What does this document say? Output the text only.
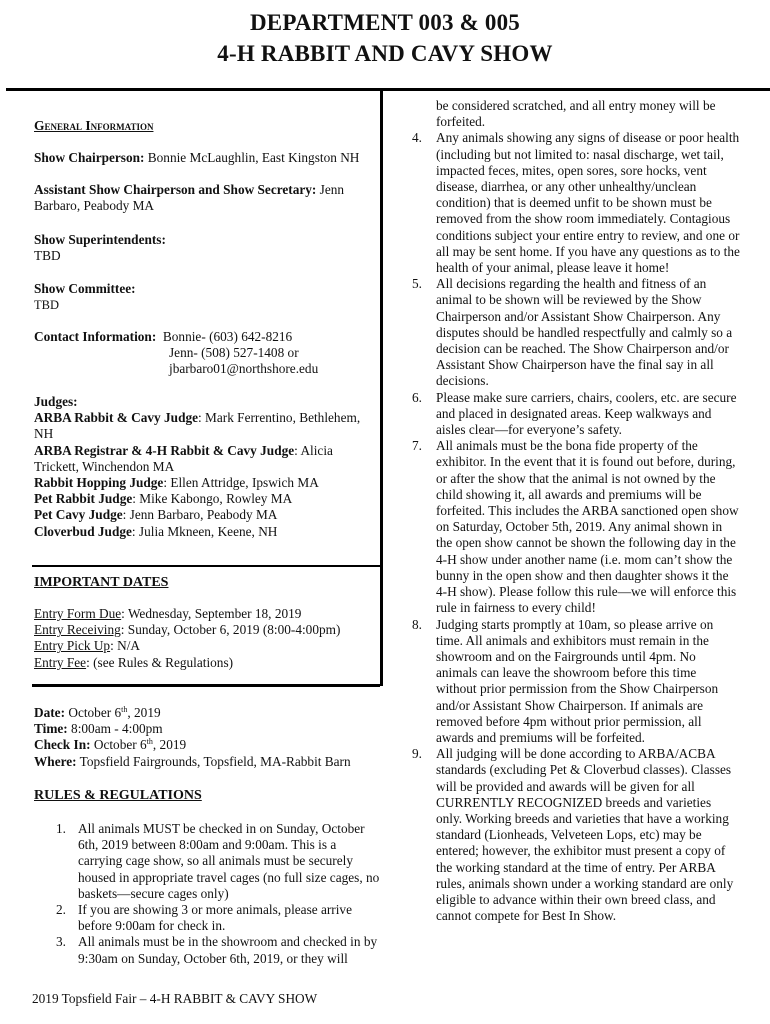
DEPARTMENT 003 & 005
4-H RABBIT AND CAVY SHOW
General Information
Show Chairperson: Bonnie McLaughlin, East Kingston NH
Assistant Show Chairperson and Show Secretary: Jenn Barbaro, Peabody MA

Show Superintendents:

TBD

Show Committee:

TBD

Contact Information: Bonnie- (603) 642-8216

Jenn- (508) 527-1408 or

jbarbaro01@northshore.edu

Judges:

ARBA Rabbit & Cavy Judge: Mark Ferrentino, Bethlehem, NH

ARBA Registrar & 4-H Rabbit & Cavy Judge: Alicia Trickett, Winchendon MA

Rabbit Hopping Judge: Ellen Attridge, Ipswich MA

Pet Rabbit Judge: Mike Kabongo, Rowley MA

Pet Cavy Judge: Jenn Barbaro, Peabody MA

Cloverbud Judge: Julia Mkneen, Keene, NH

IMPORTANT DATES

Entry Form Due: Wednesday, September 18, 2019

Entry Receiving: Sunday, October 6, 2019 (8:00-4:00pm)

Entry Pick Up: N/A

Entry Fee: (see Rules & Regulations)

Date: October 6th, 2019

Time: 8:00am - 4:00pm

Check In: October 6th, 2019

Where: Topsfield Fairgrounds, Topsfield, MA-Rabbit Barn

RULES & REGULATIONS
1. All animals MUST be checked in on Sunday, October 6th, 2019 between 8:00am and 9:00am. This is a carrying cage show, so all animals must be securely housed in appropriate travel cages (no full size cages, no baskets—secure cages only)
2. If you are showing 3 or more animals, please arrive before 9:00am for check in.
3. All animals must be in the showroom and checked in by 9:30am on Sunday, October 6th, 2019, or they will
be considered scratched, and all entry money will be forfeited.
4. Any animals showing any signs of disease or poor health (including but not limited to: nasal discharge, wet tail, impacted feces, mites, open sores, sore hocks, vent disease, diarrhea, or any other unhealthy/unclean condition) that is deemed unfit to be shown must be removed from the show room immediately. Contagious conditions subject your entire entry to review, and one or all may be sent home. If you have any questions as to the health of your animal, please leave it home!
5. All decisions regarding the health and fitness of an animal to be shown will be reviewed by the Show Chairperson and/or Assistant Show Chairperson. Any disputes should be handled respectfully and calmly so a decision can be reached. The Show Chairperson and/or Assistant Show Chairperson have the final say in all decisions.
6. Please make sure carriers, chairs, coolers, etc. are secure and placed in designated areas. Keep walkways and aisles clear—for everyone’s safety.
7. All animals must be the bona fide property of the exhibitor. In the event that it is found out before, during, or after the show that the animal is not owned by the child showing it, all awards and premiums will be forfeited. This includes the ARBA sanctioned open show on Saturday, October 5th, 2019. Any animal shown in the open show cannot be shown the following day in the 4-H show under another name (i.e. mom can’t show the bunny in the open show and then daughter shows it the 4-H show). Please follow this rule—we will enforce this rule in fairness to every child!
8. Judging starts promptly at 10am, so please arrive on time. All animals and exhibitors must remain in the showroom and on the Fairgrounds until 4pm. No animals can leave the showroom before this time without prior permission from the Show Chairperson and/or Assistant Show Chairperson. If animals are removed before 4pm without prior permission, all awards and premiums will be forfeited.
9. All judging will be done according to ARBA/ACBA standards (excluding Pet & Cloverbud classes). Classes will be provided and awards will be given for all CURRENTLY RECOGNIZED breeds and varieties only. Working breeds and varieties that have a working standard (Lionheads, Velveteen Lops, etc) may be entered; however, the exhibitor must present a copy of the working standard at the time of entry. Per ARBA rules, animals shown under a working standard are only eligible to advance within their own breed class, and cannot compete for Best In Show.
2019 Topsfield Fair – 4-H RABBIT & CAVY SHOW
